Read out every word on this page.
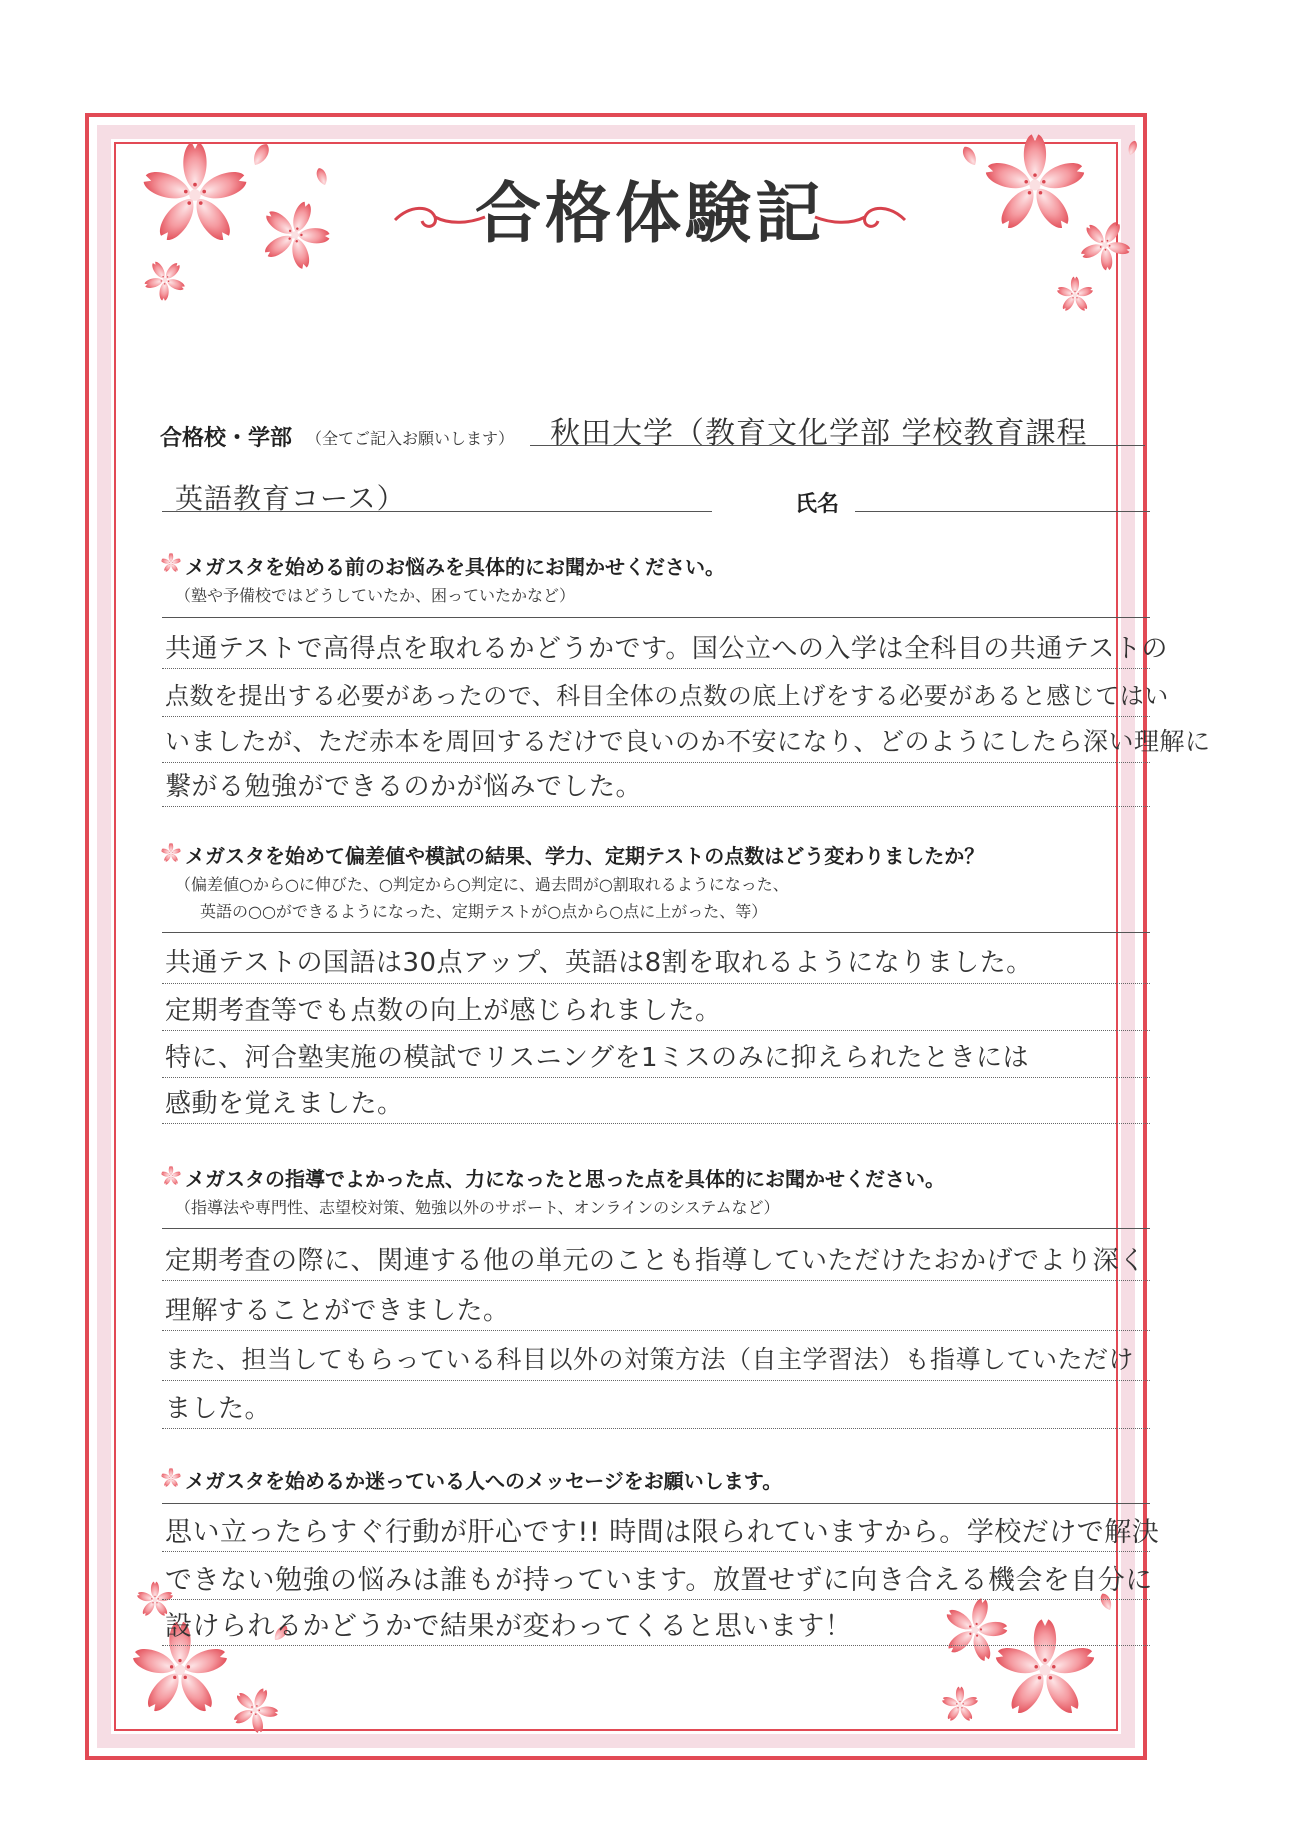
合格体験記
合格校・学部 （全てご記入お願いします） 秋田大学（教育文化学部 学校教育課程
英語教育コース）	氏名
メガスタを始める前のお悩みを具体的にお聞かせください。
（塾や予備校ではどうしていたか、困っていたかなど）
共通テストで高得点を取れるかどうかです。国公立への入学は全科目の共通テストの
点数を提出する必要があったので、科目全体の点数の底上げをする必要があると感じてはい
いましたが、ただ赤本を周回するだけで良いのか不安になり、どのようにしたら深い理解に
繋がる勉強ができるのかが悩みでした。
メガスタを始めて偏差値や模試の結果、学力、定期テストの点数はどう変わりましたか？
（偏差値○から○に伸びた、○判定から○判定に、過去問が○割取れるようになった、
英語の○○ができるようになった、定期テストが○点から○点に上がった、等）
共通テストの国語は30点アップ、英語は8割を取れるようになりました。
定期考査等でも点数の向上が感じられました。
特に、河合塾実施の模試でリスニングを1ミスのみに抑えられたときには
感動を覚えました。
メガスタの指導でよかった点、力になったと思った点を具体的にお聞かせください。
（指導法や専門性、志望校対策、勉強以外のサポート、オンラインのシステムなど）
定期考査の際に、関連する他の単元のことも指導していただけたおかげでより深く
理解することができました。
また、担当してもらっている科目以外の対策方法（自主学習法）も指導していただけ
ました。
メガスタを始めるか迷っている人へのメッセージをお願いします。
思い立ったらすぐ行動が肝心です!! 時間は限られていますから。学校だけで解決
できない勉強の悩みは誰もが持っています。放置せずに向き合える機会を自分に
設けられるかどうかで結果が変わってくると思います！
